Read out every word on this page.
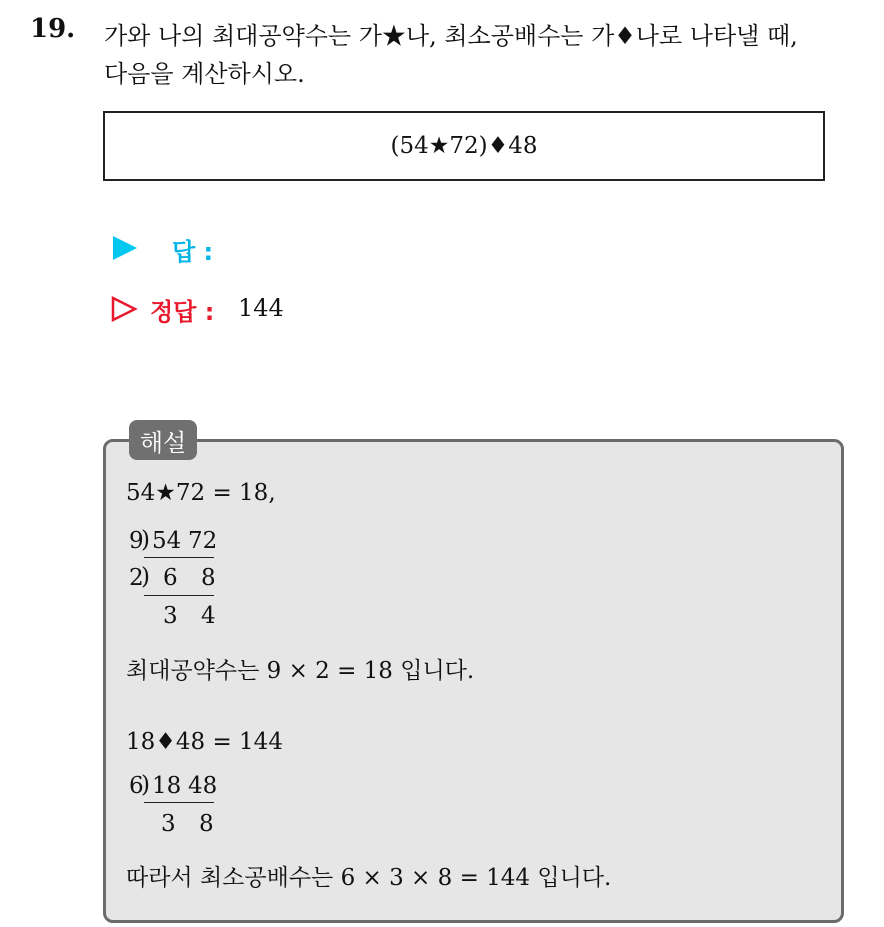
19. 가와 나의 최대공약수는 가★나, 최소공배수는 가♦나로 나타낼 때,
다음을 계산하시오.
(54★72)♦48
답 :
정답 : 144
해설
54★72 = 18,
9
) 54 72
2
) 6 8
3 4
최대공약수는 9 × 2 = 18 입니다.
18♦48 = 144
6
) 18 48
3 8
따라서 최소공배수는 6 × 3 × 8 = 144 입니다.
